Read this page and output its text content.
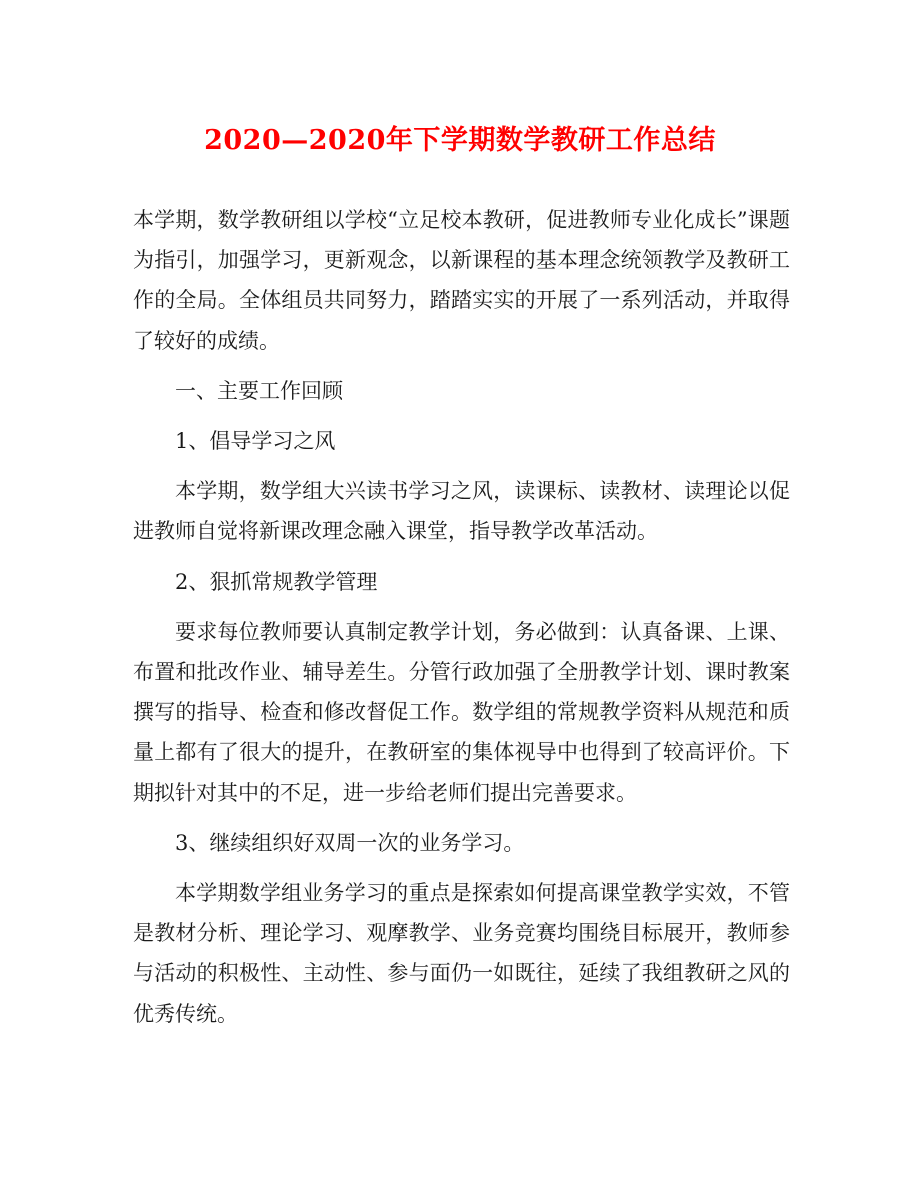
2020—2020年下学期数学教研工作总结

本学期，数学教研组以学校“立足校本教研，促进教师专业化成长”课题为指引，加强学习，更新观念，以新课程的基本理念统领教学及教研工作的全局。全体组员共同努力，踏踏实实的开展了一系列活动，并取得了较好的成绩。

一、主要工作回顾

1、倡导学习之风

本学期，数学组大兴读书学习之风，读课标、读教材、读理论以促进教师自觉将新课改理念融入课堂，指导教学改革活动。

2、狠抓常规教学管理

要求每位教师要认真制定教学计划，务必做到：认真备课、上课、布置和批改作业、辅导差生。分管行政加强了全册教学计划、课时教案撰写的指导、检查和修改督促工作。数学组的常规教学资料从规范和质量上都有了很大的提升，在教研室的集体视导中也得到了较高评价。下期拟针对其中的不足，进一步给老师们提出完善要求。

3、继续组织好双周一次的业务学习。

本学期数学组业务学习的重点是探索如何提高课堂教学实效，不管是教材分析、理论学习、观摩教学、业务竞赛均围绕目标展开，教师参与活动的积极性、主动性、参与面仍一如既往，延续了我组教研之风的优秀传统。
